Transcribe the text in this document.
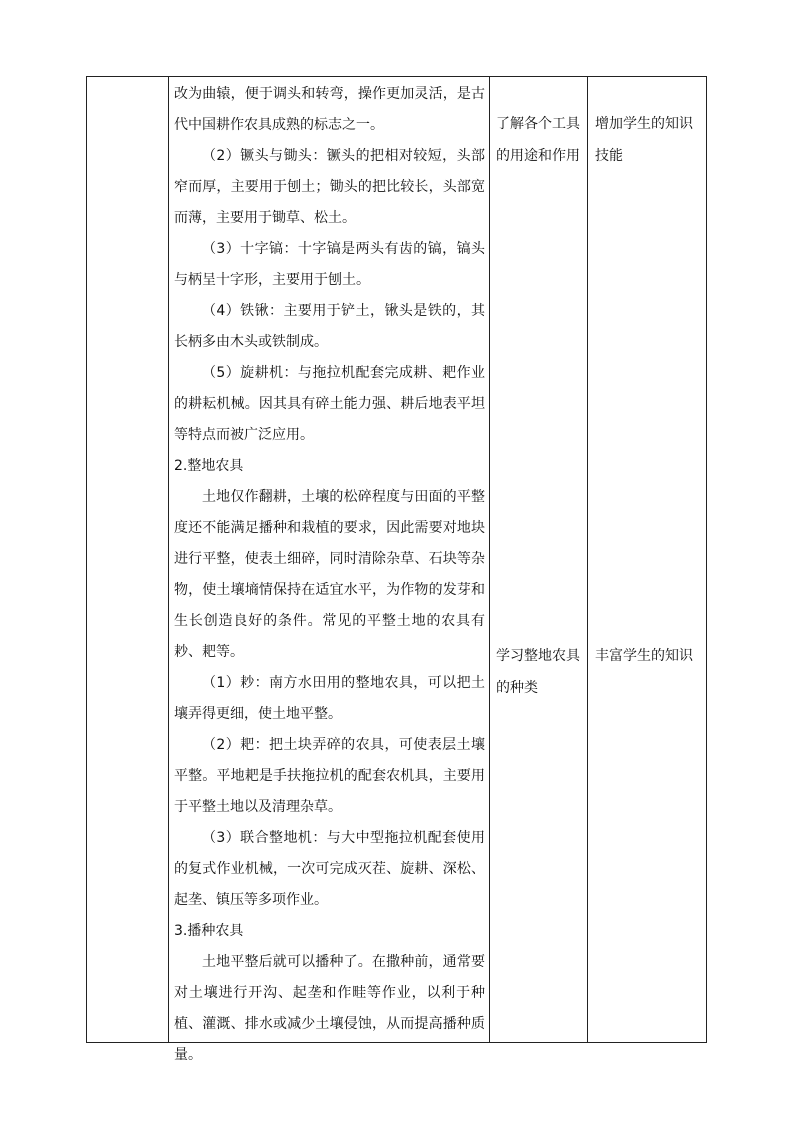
改为曲辕，便于调头和转弯，操作更加灵活，是古代中国耕作农具成熟的标志之一。

（2）镢头与锄头：镢头的把相对较短，头部窄而厚，主要用于刨土；锄头的把比较长，头部宽而薄，主要用于锄草、松土。

（3）十字镐：十字镐是两头有齿的镐，镐头与柄呈十字形，主要用于刨土。

（4）铁锹：主要用于铲土，锹头是铁的，其长柄多由木头或铁制成。

（5）旋耕机：与拖拉机配套完成耕、耙作业的耕耘机械。因其具有碎土能力强、耕后地表平坦等特点而被广泛应用。

2.整地农具

土地仅作翻耕，土壤的松碎程度与田面的平整度还不能满足播种和栽植的要求，因此需要对地块进行平整，使表土细碎，同时清除杂草、石块等杂物，使土壤墒情保持在适宜水平，为作物的发芽和生长创造良好的条件。常见的平整土地的农具有耖、耙等。

（1）耖：南方水田用的整地农具，可以把土壤弄得更细，使土地平整。

（2）耙：把土块弄碎的农具，可使表层土壤平整。平地耙是手扶拖拉机的配套农机具，主要用于平整土地以及清理杂草。

（3）联合整地机：与大中型拖拉机配套使用的复式作业机械，一次可完成灭茬、旋耕、深松、起垄、镇压等多项作业。

3.播种农具

土地平整后就可以播种了。在撒种前，通常要对土壤进行开沟、起垄和作畦等作业，以利于种植、灌溉、排水或减少土壤侵蚀，从而提高播种质量。

了解各个工具的用途和作用

学习整地农具的种类

增加学生的知识技能

丰富学生的知识
